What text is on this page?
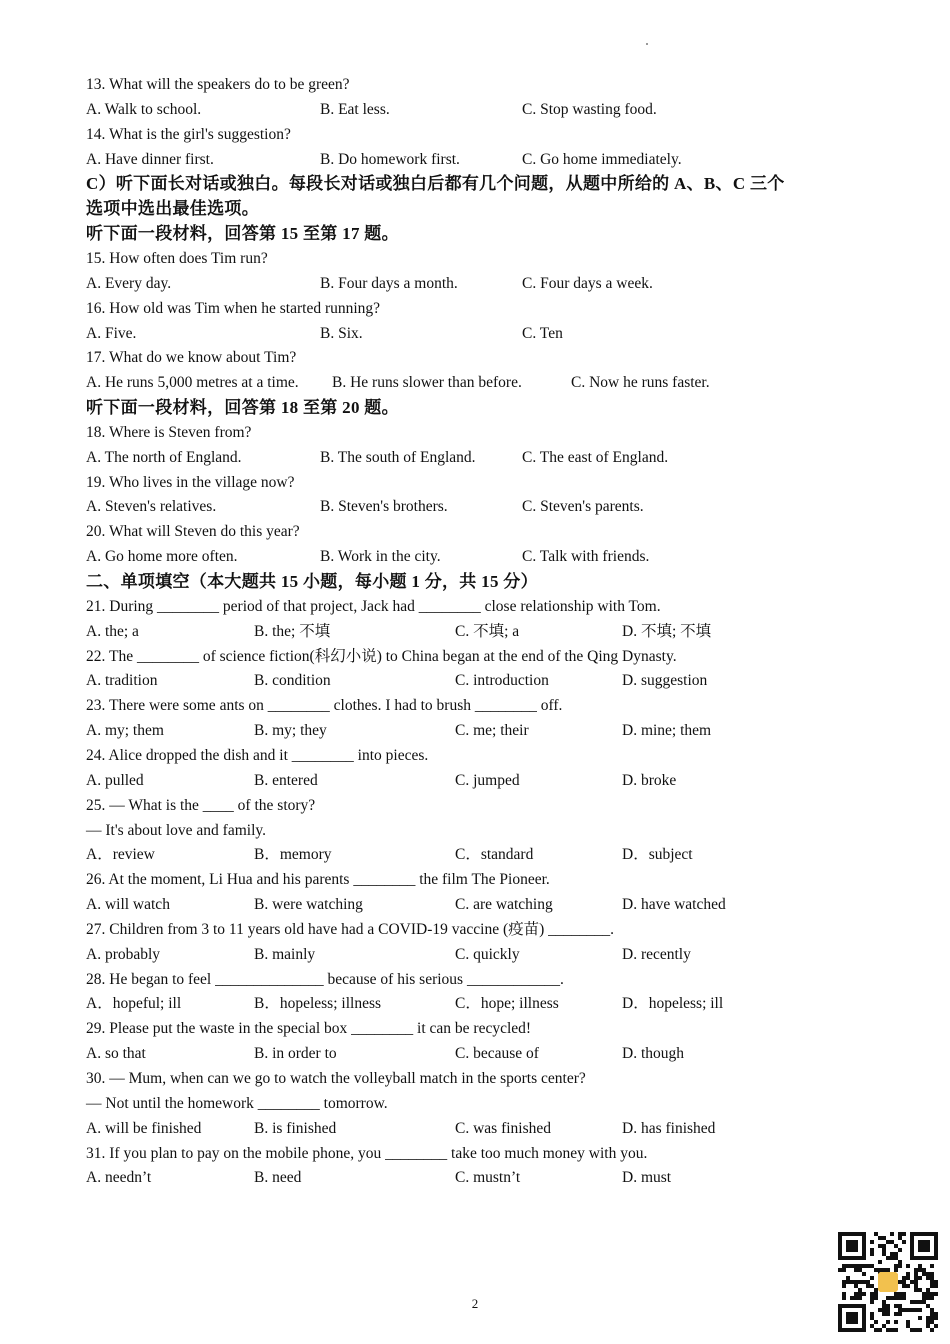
13. What will the speakers do to be green?
A. Walk to school.	B. Eat less.	C. Stop wasting food.
14. What is the girl's suggestion?
A. Have dinner first.	B. Do homework first.	C. Go home immediately.
C）听下面长对话或独白。每段长对话或独白后都有几个问题，从题中所给的 A、B、C 三个
选项中选出最佳选项。
听下面一段材料，回答第 15 至第 17 题。
15. How often does Tim run?
A. Every day.	B. Four days a month.	C. Four days a week.
16. How old was Tim when he started running?
A. Five.	B. Six.	C. Ten
17. What do we know about Tim?
A. He runs 5,000 metres at a time. B. He runs slower than before.	C. Now he runs faster.
听下面一段材料，回答第 18 至第 20 题。
18. Where is Steven from?
A. The north of England.	B. The south of England.	C. The east of England.
19. Who lives in the village now?
A. Steven's relatives.	B. Steven's brothers.	C. Steven's parents.
20. What will Steven do this year?
A. Go home more often.	B. Work in the city.	C. Talk with friends.
二、单项填空（本大题共 15 小题，每小题 1 分，共 15 分）
21. During ________ period of that project, Jack had ________ close relationship with Tom.
A. the; a	B. the; 不填	C. 不填; a	D. 不填; 不填
22. The ________ of science fiction(科幻小说) to China began at the end of the Qing Dynasty.
A. tradition	B. condition	C. introduction	D. suggestion
23. There were some ants on ________ clothes. I had to brush ________ off.
A. my; them	B. my; they	C. me; their	D. mine; them
24. Alice dropped the dish and it ________ into pieces.
A. pulled	B. entered	C. jumped	D. broke
25. — What is the ____ of the story?
— It's about love and family.
A．review	B．memory	C．standard	D．subject
26. At the moment, Li Hua and his parents ________ the film The Pioneer.
A. will watch	B. were watching	C. are watching	D. have watched
27. Children from 3 to 11 years old have had a COVID-19 vaccine (疫苗) ________.
A. probably	B. mainly	C. quickly	D. recently
28. He began to feel ______________ because of his serious ____________.
A．hopeful; ill	B．hopeless; illness	C．hope; illness	D．hopeless; ill
29. Please put the waste in the special box ________ it can be recycled!
A. so that	B. in order to	C. because of	D. though
30. — Mum, when can we go to watch the volleyball match in the sports center?
— Not until the homework ________ tomorrow.
A. will be finished	B. is finished	C. was finished	D. has finished
31. If you plan to pay on the mobile phone, you ________ take too much money with you.
A. needn’t	B. need	C. mustn’t	D. must
2
